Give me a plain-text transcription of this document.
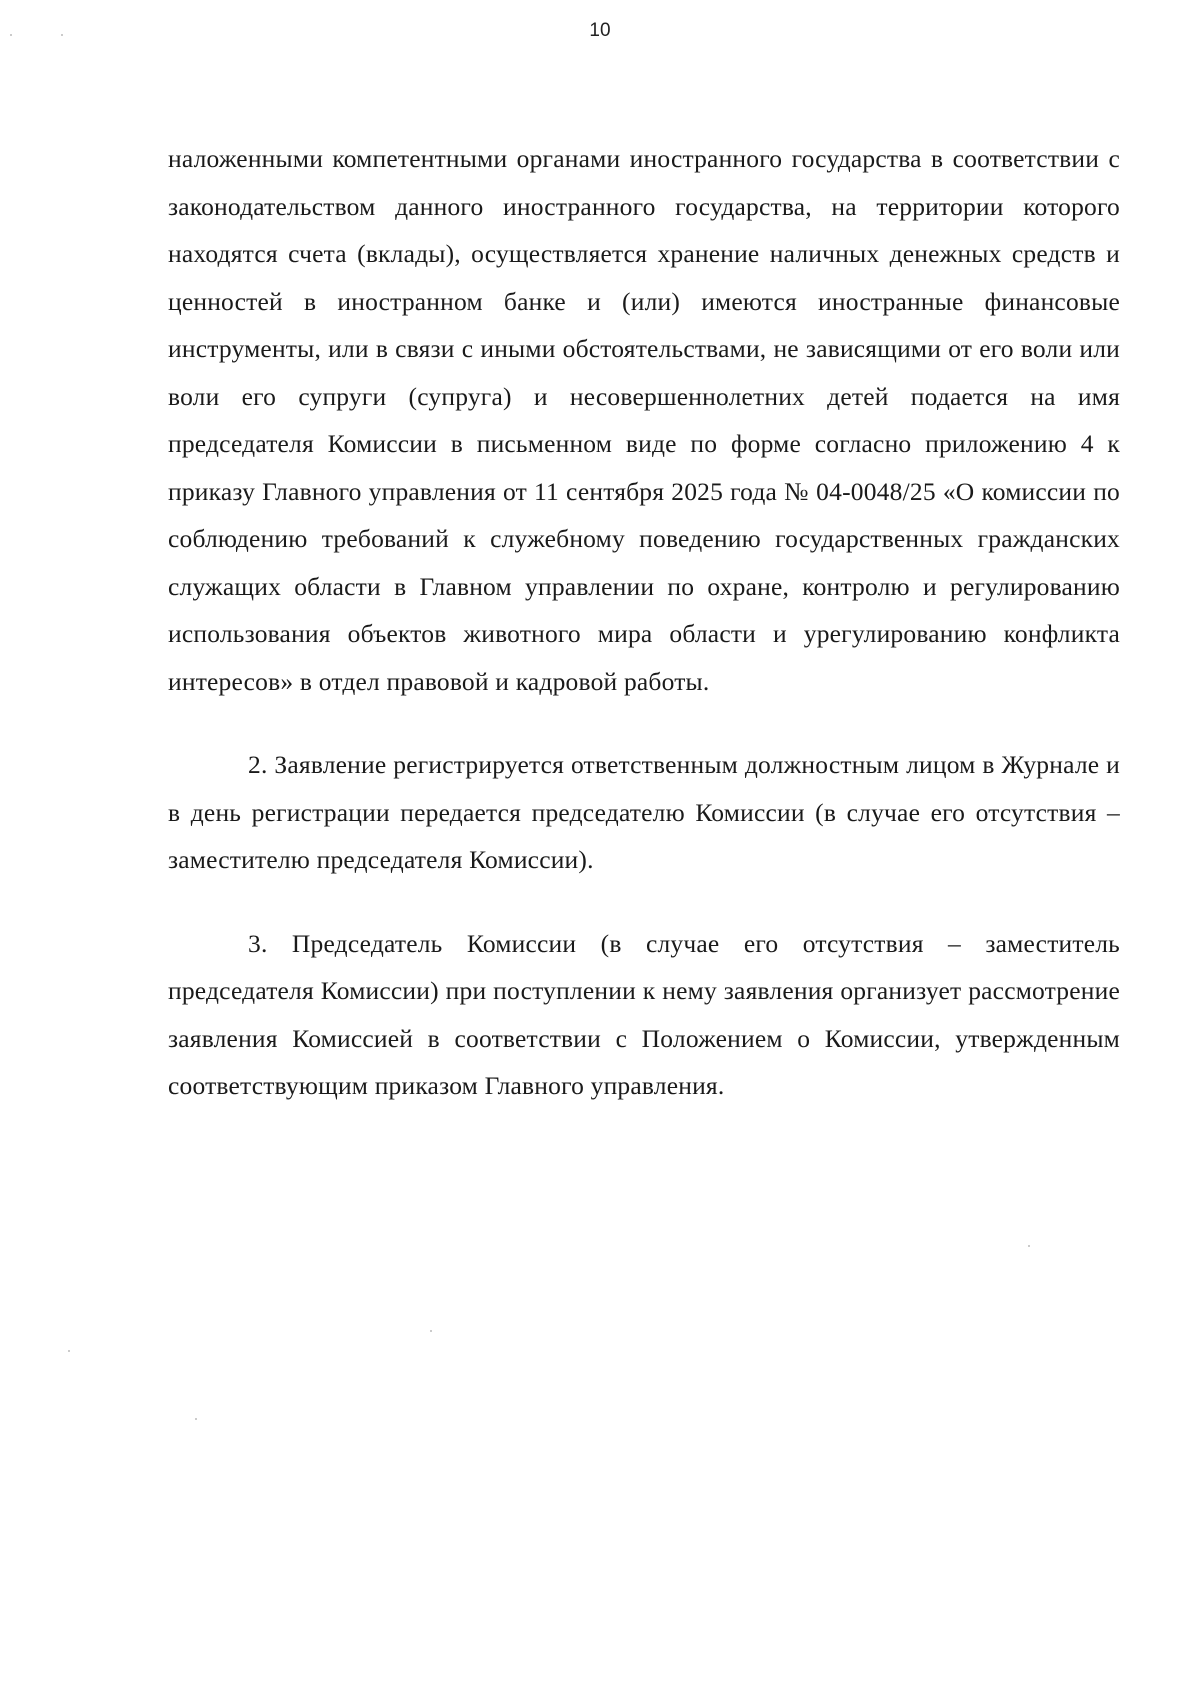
10

наложенными компетентными органами иностранного государства в соответствии с законодательством данного иностранного государства, на территории которого находятся счета (вклады), осуществляется хранение наличных денежных средств и ценностей в иностранном банке и (или) имеются иностранные финансовые инструменты, или в связи с иными обстоятельствами, не зависящими от его воли или воли его супруги (супруга) и несовершеннолетних детей подается на имя председателя Комиссии в письменном виде по форме согласно приложению 4 к приказу Главного управления от 11 сентября 2025 года № 04-0048/25 «О комиссии по соблюдению требований к служебному поведению государственных гражданских служащих области в Главном управлении по охране, контролю и регулированию использования объектов животного мира области и урегулированию конфликта интересов» в отдел правовой и кадровой работы.

2. Заявление регистрируется ответственным должностным лицом в Журнале и в день регистрации передается председателю Комиссии (в случае его отсутствия – заместителю председателя Комиссии).

3. Председатель Комиссии (в случае его отсутствия – заместитель председателя Комиссии) при поступлении к нему заявления организует рассмотрение заявления Комиссией в соответствии с Положением о Комиссии, утвержденным соответствующим приказом Главного управления.
